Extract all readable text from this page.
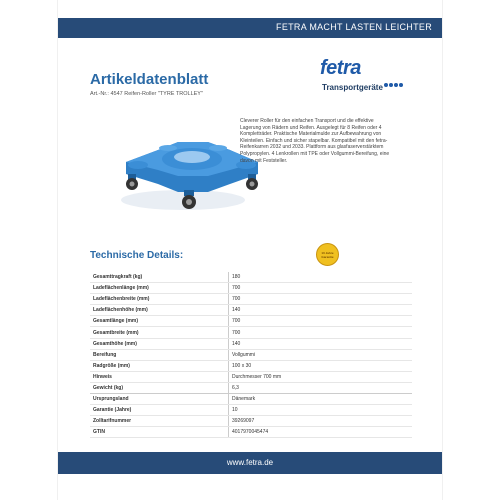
FETRA MACHT LASTEN LEICHTER
Artikeldatenblatt
Art.-Nr.: 4547 Reifen-Roller "TYRE TROLLEY"
fetra
Transportgeräte
Cleverer Roller für den einfachen Transport und die effektive Lagerung von Rädern und Reifen. Ausgelegt für 8 Reifen oder 4 Kompletträder. Praktische Materialmulde zur Aufbewahrung von Kleinteilen. Einfach und sicher stapelbar. Kompatibel mit den fetra-Reifenkarren 2032 und 2033. Plattform aus glasfaserverstärktem Polypropylen. 4 Lenkrollen mit TPE oder Vollgummi-Bereifung, eine davon mit Feststeller.
Technische Details:	10 Jahre Garantie
Gesamttragkraft (kg)	180
Ladeflächenlänge (mm)	700
Ladeflächenbreite (mm)	700
Ladeflächenhöhe (mm)	140
Gesamtlänge (mm)	700
Gesamtbreite (mm)	700
Gesamthöhe (mm)	140
Bereifung	Vollgummi
Radgröße (mm)	100 x 30
Hinweis	Durchmesser 700 mm
Gewicht (kg)	6,3
Ursprungsland	Dänemark
Garantie (Jahre)	10
Zolltarifnummer	39269097
GTIN	4017970045474
www.fetra.de
